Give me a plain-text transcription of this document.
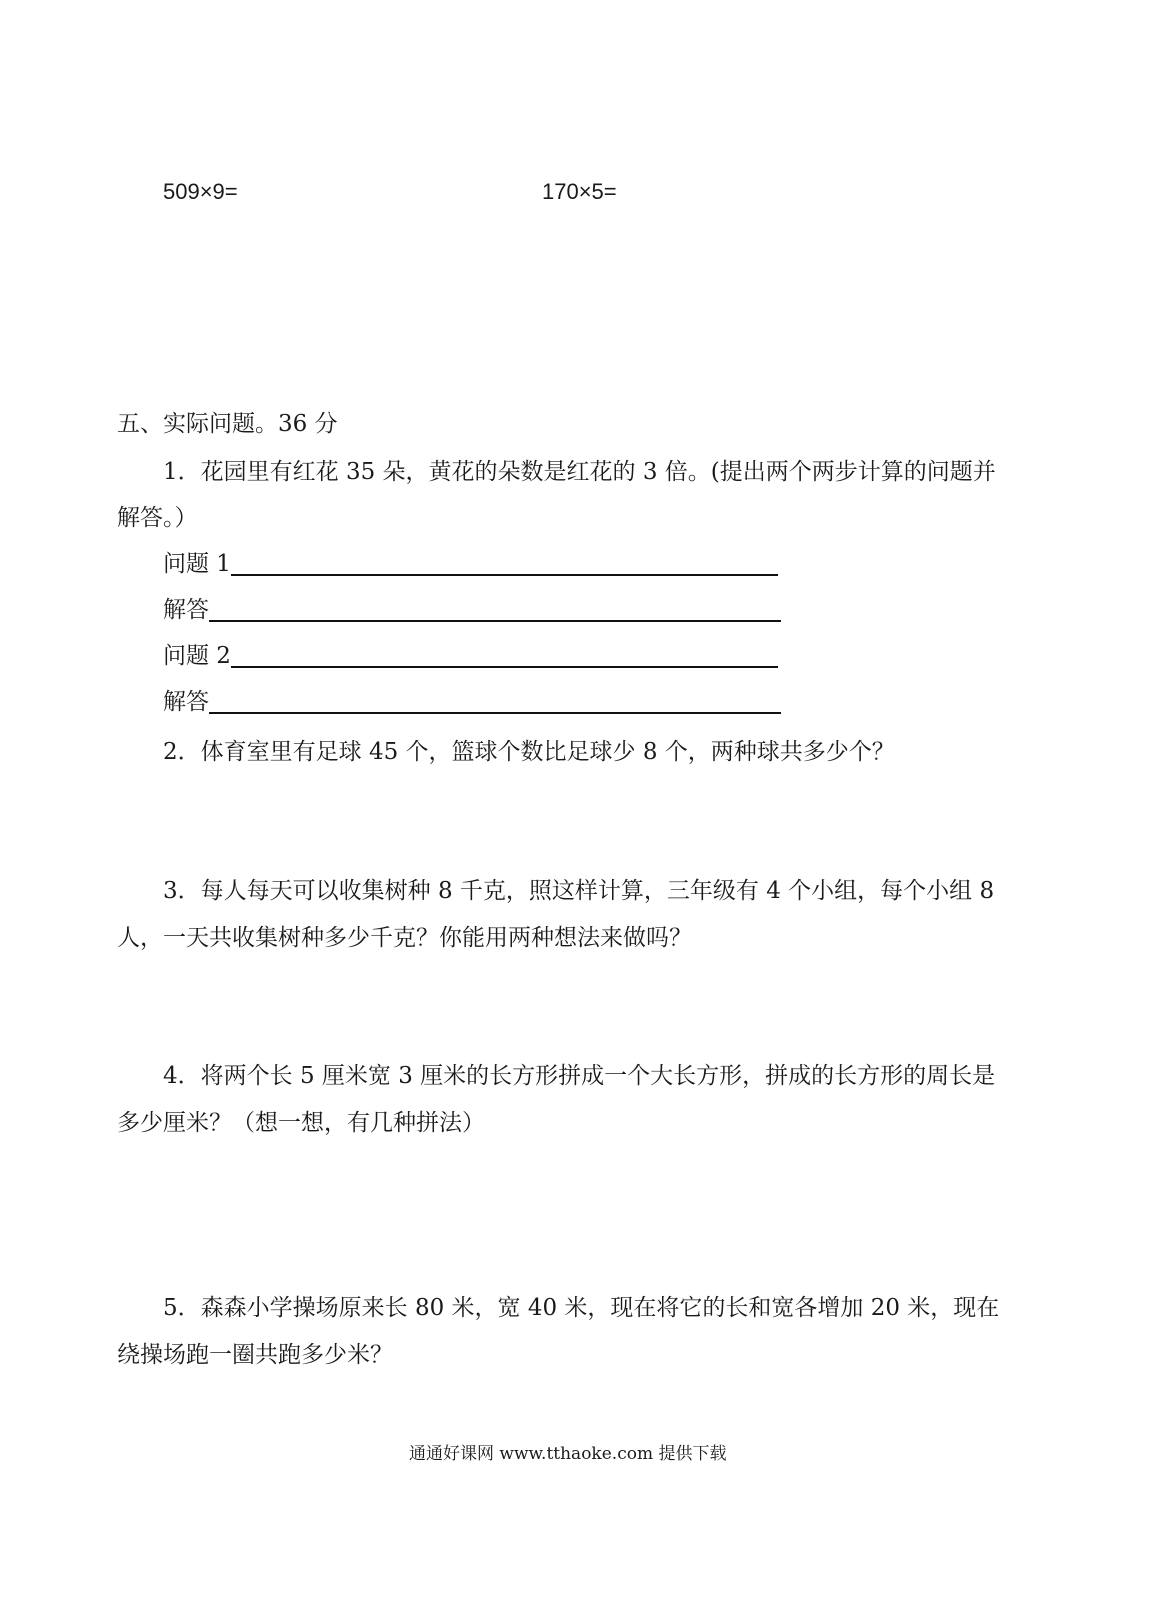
509×9=	170×5=
五、实际问题。36 分
1．花园里有红花 35 朵，黄花的朵数是红花的 3 倍。(提出两个两步计算的问题并
解答。）
问题 1
解答
问题 2
解答
2．体育室里有足球 45 个，篮球个数比足球少 8 个，两种球共多少个？
3．每人每天可以收集树种 8 千克，照这样计算，三年级有 4 个小组，每个小组 8
人，一天共收集树种多少千克？你能用两种想法来做吗？
4．将两个长 5 厘米宽 3 厘米的长方形拼成一个大长方形，拼成的长方形的周长是
多少厘米？（想一想，有几种拼法）
5．森森小学操场原来长 80 米，宽 40 米，现在将它的长和宽各增加 20 米，现在
绕操场跑一圈共跑多少米？
通通好课网 www.tthaoke.com 提供下载
